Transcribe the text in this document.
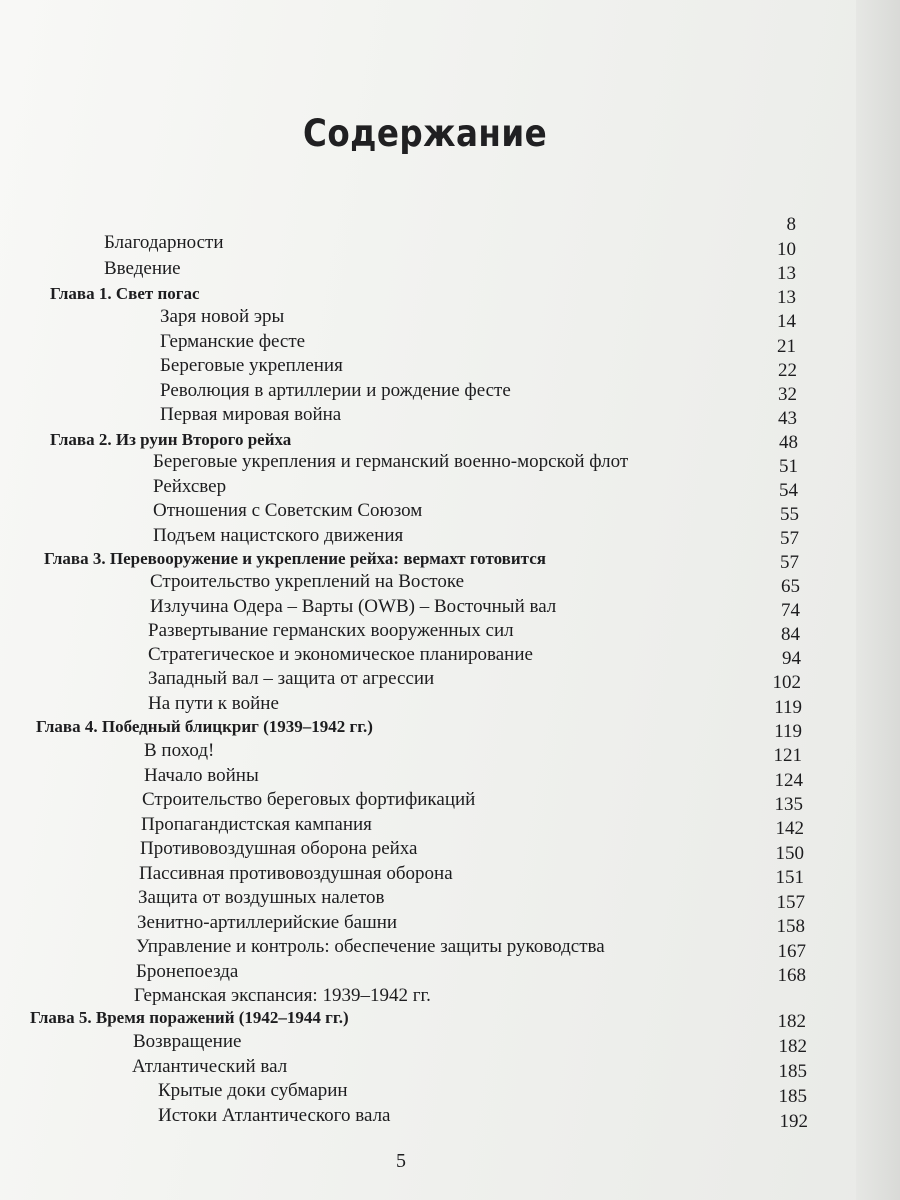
Содержание
Благодарности
Введение
Глава 1. Свет погас
Заря новой эры
Германские фесте
Береговые укрепления
Революция в артиллерии и рождение фесте
Первая мировая война
Глава 2. Из руин Второго рейха
Береговые укрепления и германский военно-морской флот
Рейхсвер
Отношения с Советским Союзом
Подъем нацистского движения
Глава 3. Перевооружение и укрепление рейха: вермахт готовится
Строительство укреплений на Востоке
Излучина Одера – Варты (OWB) – Восточный вал
Развертывание германских вооруженных сил
Стратегическое и экономическое планирование
Западный вал – защита от агрессии
На пути к войне
Глава 4. Победный блицкриг (1939–1942 гг.)
В поход!
Начало войны
Строительство береговых фортификаций
Пропагандистская кампания
Противовоздушная оборона рейха
Пассивная противовоздушная оборона
Защита от воздушных налетов
Зенитно-артиллерийские башни
Управление и контроль: обеспечение защиты руководства
Бронепоезда
Германская экспансия: 1939–1942 гг.
Глава 5. Время поражений (1942–1944 гг.)
Возвращение
Атлантический вал
Крытые доки субмарин
Истоки Атлантического вала
8
10
13
13
14
21
22
32
43
48
51
54
55
57
57
65
74
84
94
102
119
119
121
124
135
142
150
151
157
158
167
168
182
182
185
185
192
5
